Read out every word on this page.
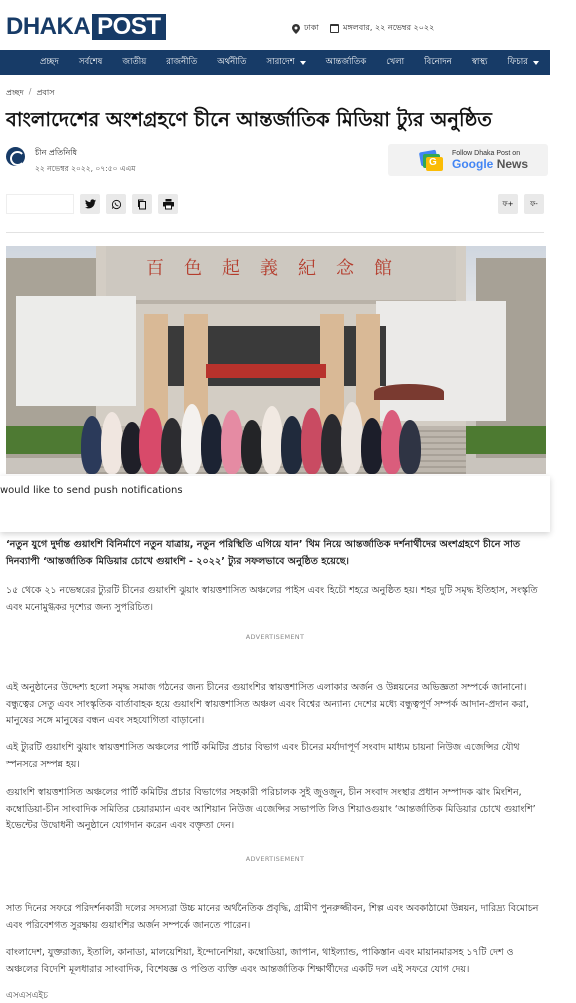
DHAKA POST	ঢাকা	মঙ্গলবার, ২২ নভেম্বর ২০২২
প্রচ্ছদ সর্বশেষ জাতীয় রাজনীতি অর্থনীতি সারাদেশ	আন্তর্জাতিক খেলা বিনোদন স্বাস্থ্য ফিচার	শি
প্রচ্ছদ / প্রবাস
বাংলাদেশের অংশগ্রহণে চীনে আন্তর্জাতিক মিডিয়া ট্যুর অনুষ্ঠিত
চীন প্রতিনিধি
২২ নভেম্বর ২০২২, ০৭:৫০ এএম
G
Follow Dhaka Post on
Google News
ফ+	ফ-
百色起義紀念館
would like to send push notifications

‘নতুন যুগে দুর্দান্ত গুয়াংশি বিনির্মাণে নতুন যাত্রায়, নতুন পরিস্থিতি এগিয়ে যান’ থিম নিয়ে আন্তর্জাতিক দর্শনার্থীদের অংশগ্রহণে চীনে সাত দিনব্যাপী ‘আন্তর্জাতিক মিডিয়ার চোখে গুয়াংশি - ২০২২’ ট্যুর সফলভাবে অনুষ্ঠিত হয়েছে।

১৫ থেকে ২১ নভেম্বরের ট্যুরটি চীনের গুয়াংশি ঝুয়াং স্বায়ত্তশাসিত অঞ্চলের পাইস এবং হিচৌ শহরে অনুষ্ঠিত হয়। শহর দুটি সমৃদ্ধ ইতিহাস, সংস্কৃতি এবং মনোমুগ্ধকর দৃশ্যের জন্য সুপরিচিত।

ADVERTISEMENT

এই অনুষ্ঠানের উদ্দেশ্য হলো সমৃদ্ধ সমাজ গঠনের জন্য চীনের গুয়াংশির স্বায়ত্তশাসিত এলাকার অর্জন ও উন্নয়নের অভিজ্ঞতা সম্পর্কে জানানো। বন্ধুত্বের সেতু এবং সাংস্কৃতিক বার্তাবাহক হয়ে গুয়াংশি স্বায়ত্তশাসিত অঞ্চল এবং বিশ্বের অন্যান্য দেশের মধ্যে বন্ধুত্বপূর্ণ সম্পর্ক আদান-প্রদান করা, মানুষের সঙ্গে মানুষের বন্ধন এবং সহযোগিতা বাড়ানো।

এই ট্যুরটি গুয়াংশি ঝুয়াং স্বায়ত্তশাসিত অঞ্চলের পার্টি কমিটির প্রচার বিভাগ এবং চীনের মর্যাদাপূর্ণ সংবাদ মাধ্যম চায়না নিউজ এজেন্সির যৌথ স্পনসরে সম্পন্ন হয়।

গুয়াংশি স্বায়ত্তশাসিত অঞ্চলের পার্টি কমিটির প্রচার বিভাগের সহকারী পরিচালক সুই জুওজুন, চীন সংবাদ সংস্থার প্রধান সম্পাদক ঝাং মিংশিন, কম্বোডিয়া-চীন সাংবাদিক সমিতির চেয়ারম্যান এবং আশিয়ান নিউজ এজেন্সির সভাপতি লিও শিয়াওগুয়াং ‘আন্তর্জাতিক মিডিয়ার চোখে গুয়াংশি’ ইভেন্টের উদ্বোধনী অনুষ্ঠানে যোগদান করেন এবং বক্তৃতা দেন।

ADVERTISEMENT

সাত দিনের সফরে পরিদর্শনকারী দলের সদস্যরা উচ্চ মানের অর্থনৈতিক প্রবৃদ্ধি, গ্রামীণ পুনরুজ্জীবন, শিল্প এবং অবকাঠামো উন্নয়ন, দারিদ্র্য বিমোচন এবং পরিবেশগত সুরক্ষায় গুয়াংশির অর্জন সম্পর্কে জানতে পারেন।

বাংলাদেশ, যুক্তরাজ্য, ইতালি, কানাডা, মালয়েশিয়া, ইন্দোনেশিয়া, কম্বোডিয়া, জাপান, থাইল্যান্ড, পাকিস্তান এবং মায়ানমারসহ ১৭টি দেশ ও অঞ্চলের বিদেশি মূলধারার সাংবাদিক, বিশেষজ্ঞ ও পণ্ডিত ব্যক্তি এবং আন্তর্জাতিক শিক্ষার্থীদের একটি দল এই সফরে যোগ দেয়।

এসএসএইচ
